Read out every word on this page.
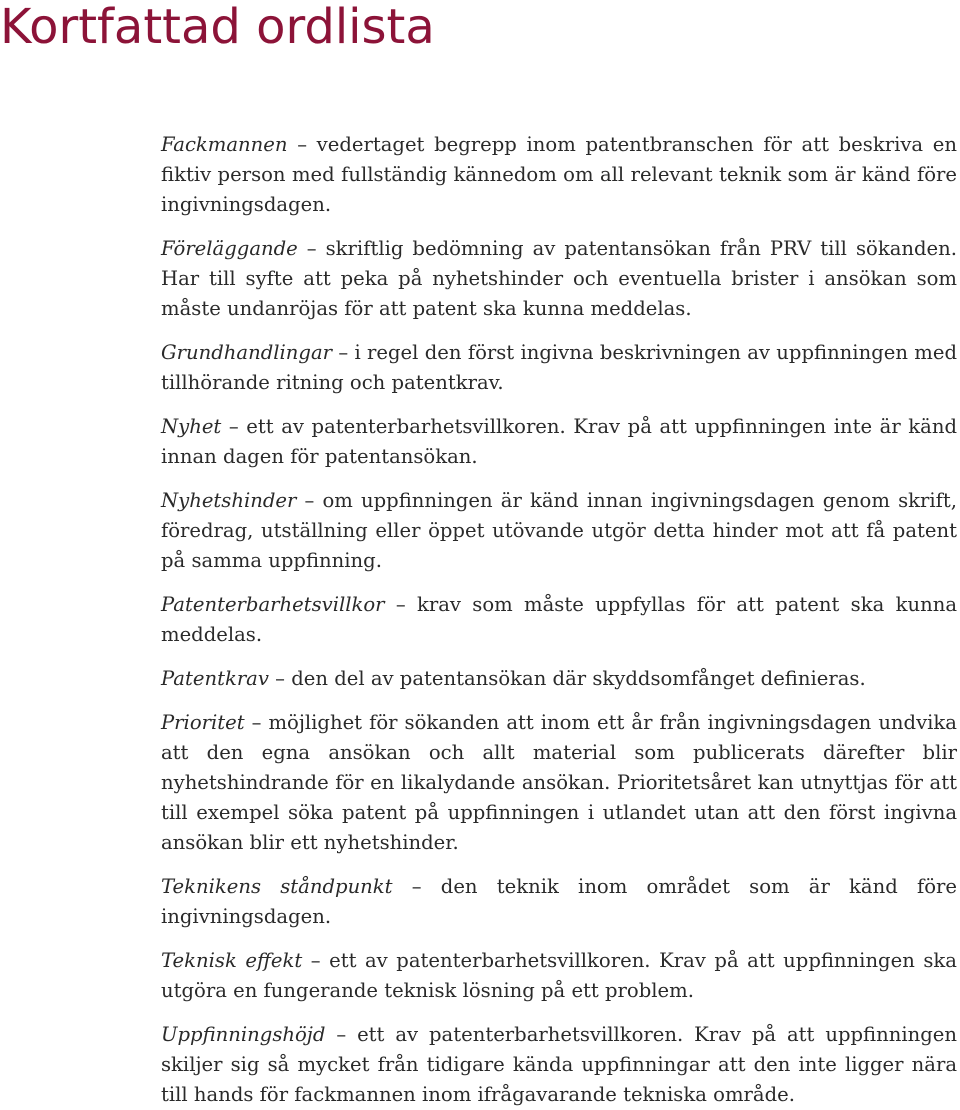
Kortfattad ordlista

Fackmannen – vedertaget begrepp inom patentbranschen för att beskriva en fiktiv person med fullständig kännedom om all relevant teknik som är känd före ingivningsdagen.

Föreläggande – skriftlig bedömning av patentansökan från PRV till sökanden. Har till syfte att peka på nyhetshinder och eventuella brister i ansökan som måste undanröjas för att patent ska kunna meddelas.

Grundhandlingar – i regel den först ingivna beskrivningen av uppfinningen med tillhörande ritning och patentkrav.

Nyhet – ett av patenterbarhetsvillkoren. Krav på att uppfinningen inte är känd innan dagen för patentansökan.

Nyhetshinder – om uppfinningen är känd innan ingivningsdagen genom skrift, föredrag, utställning eller öppet utövande utgör detta hinder mot att få patent på samma uppfinning.

Patenterbarhetsvillkor – krav som måste uppfyllas för att patent ska kunna meddelas.

Patentkrav – den del av patentansökan där skyddsomfånget definieras.

Prioritet – möjlighet för sökanden att inom ett år från ingivningsdagen undvika att den egna ansökan och allt material som publicerats därefter blir nyhetshindrande för en likalydande ansökan. Prioritetsåret kan utnyttjas för att till exempel söka patent på uppfinningen i utlandet utan att den först ingivna ansökan blir ett nyhetshinder.

Teknikens ståndpunkt – den teknik inom området som är känd före ingivningsdagen.

Teknisk effekt – ett av patenterbarhetsvillkoren. Krav på att uppfinningen ska utgöra en fungerande teknisk lösning på ett problem.

Uppfinningshöjd – ett av patenterbarhetsvillkoren. Krav på att uppfinningen skiljer sig så mycket från tidigare kända uppfinningar att den inte ligger nära till hands för fackmannen inom ifrågavarande tekniska område.
